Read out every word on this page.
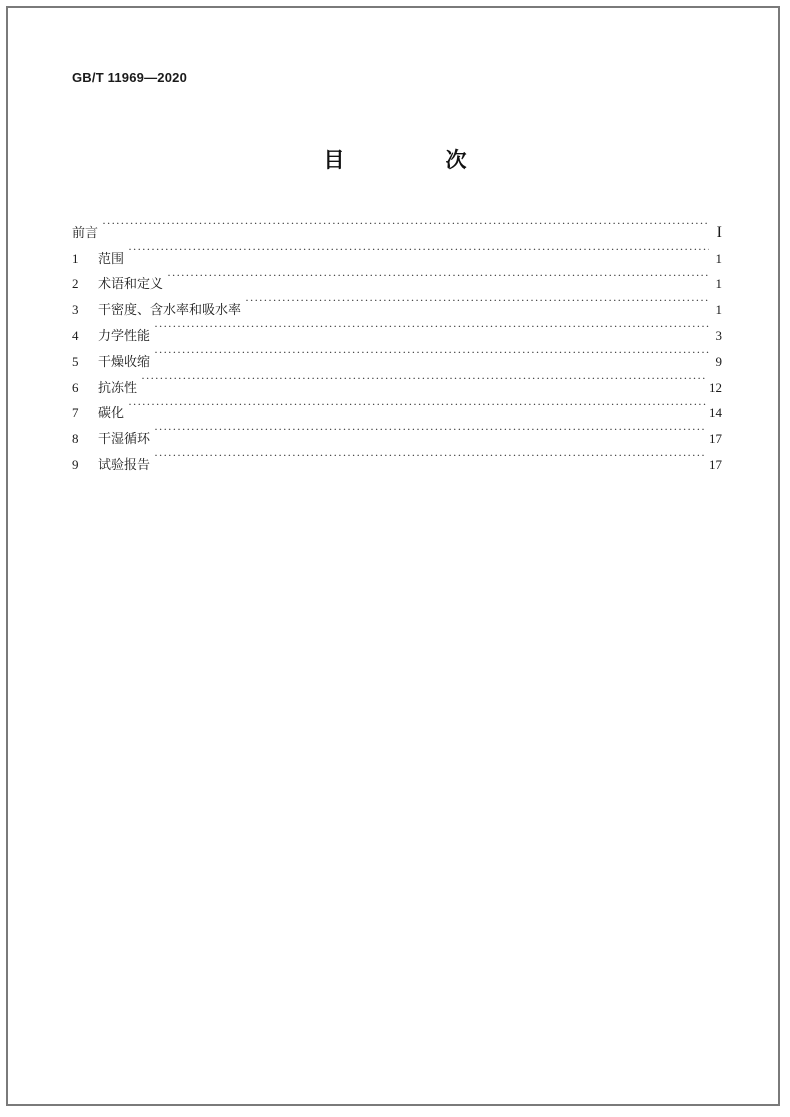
GB/T 11969—2020
目　次
前言 ·····	I
1	范围 ·····	1
2	术语和定义 ·····	1
3	干密度、含水率和吸水率 ·····	1
4	力学性能 ·····	3
5	干燥收缩 ·····	9
6	抗冻性 ·····	12
7	碳化 ·····	14
8	干湿循环 ·····	17
9	试验报告 ·····	17
